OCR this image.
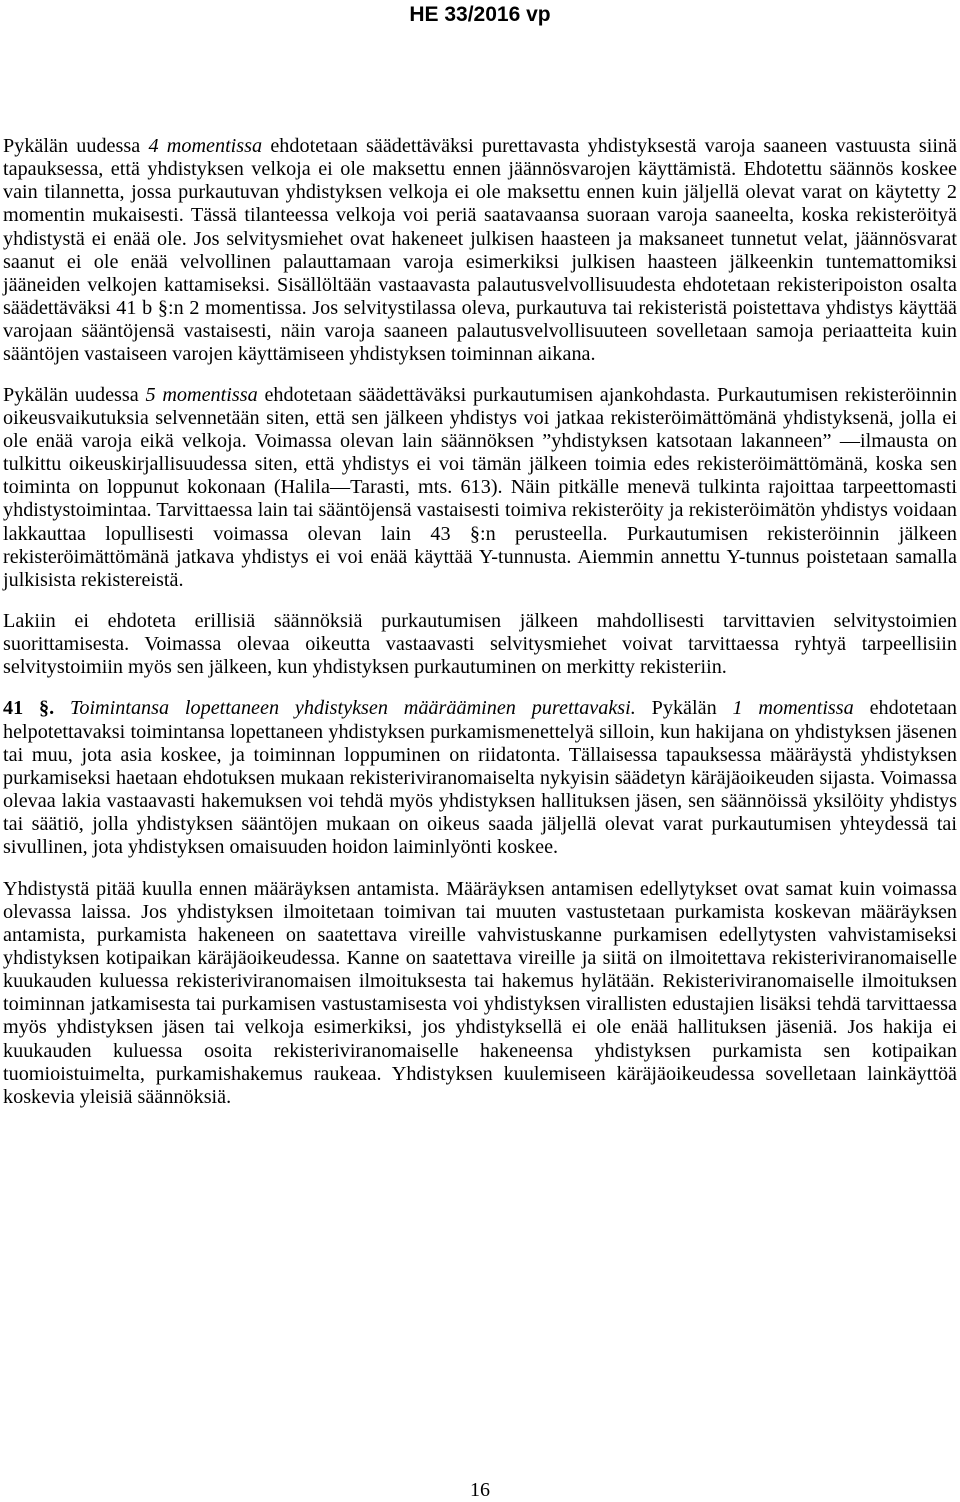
HE 33/2016 vp

Pykälän uudessa 4 momentissa ehdotetaan säädettäväksi purettavasta yhdistyksestä varoja saaneen vastuusta siinä tapauksessa, että yhdistyksen velkoja ei ole maksettu ennen jäännösvarojen käyttämistä. Ehdotettu säännös koskee vain tilannetta, jossa purkautuvan yhdistyksen velkoja ei ole maksettu ennen kuin jäljellä olevat varat on käytetty 2 momentin mukaisesti. Tässä tilanteessa velkoja voi periä saatavaansa suoraan varoja saaneelta, koska rekisteröityä yhdistystä ei enää ole. Jos selvitysmiehet ovat hakeneet julkisen haasteen ja maksaneet tunnetut velat, jäännösvarat saanut ei ole enää velvollinen palauttamaan varoja esimerkiksi julkisen haasteen jälkeenkin tuntemattomiksi jääneiden velkojen kattamiseksi. Sisällöltään vastaavasta palautusvelvollisuudesta ehdotetaan rekisteripoiston osalta säädettäväksi 41 b §:n 2 momentissa. Jos selvitystilassa oleva, purkautuva tai rekisteristä poistettava yhdistys käyttää varojaan sääntöjensä vastaisesti, näin varoja saaneen palautusvelvollisuuteen sovelletaan samoja periaatteita kuin sääntöjen vastaiseen varojen käyttämiseen yhdistyksen toiminnan aikana.

Pykälän uudessa 5 momentissa ehdotetaan säädettäväksi purkautumisen ajankohdasta. Purkautumisen rekisteröinnin oikeusvaikutuksia selvennetään siten, että sen jälkeen yhdistys voi jatkaa rekisteröimättömänä yhdistyksenä, jolla ei ole enää varoja eikä velkoja. Voimassa olevan lain säännöksen ”yhdistyksen katsotaan lakanneen” —ilmausta on tulkittu oikeuskirjallisuudessa siten, että yhdistys ei voi tämän jälkeen toimia edes rekisteröimättömänä, koska sen toiminta on loppunut kokonaan (Halila—Tarasti, mts. 613). Näin pitkälle menevä tulkinta rajoittaa tarpeettomasti yhdistystoimintaa. Tarvittaessa lain tai sääntöjensä vastaisesti toimiva rekisteröity ja rekisteröimätön yhdistys voidaan lakkauttaa lopullisesti voimassa olevan lain 43 §:n perusteella. Purkautumisen rekisteröinnin jälkeen rekisteröimättömänä jatkava yhdistys ei voi enää käyttää Y-tunnusta. Aiemmin annettu Y-tunnus poistetaan samalla julkisista rekistereistä.

Lakiin ei ehdoteta erillisiä säännöksiä purkautumisen jälkeen mahdollisesti tarvittavien selvitystoimien suorittamisesta. Voimassa olevaa oikeutta vastaavasti selvitysmiehet voivat tarvittaessa ryhtyä tarpeellisiin selvitystoimiin myös sen jälkeen, kun yhdistyksen purkautuminen on merkitty rekisteriin.

41 §. Toimintansa lopettaneen yhdistyksen määrääminen purettavaksi. Pykälän 1 momentissa ehdotetaan helpotettavaksi toimintansa lopettaneen yhdistyksen purkamismenettelyä silloin, kun hakijana on yhdistyksen jäsenen tai muu, jota asia koskee, ja toiminnan loppuminen on riidatonta. Tällaisessa tapauksessa määräystä yhdistyksen purkamiseksi haetaan ehdotuksen mukaan rekisteriviranomaiselta nykyisin säädetyn käräjäoikeuden sijasta. Voimassa olevaa lakia vastaavasti hakemuksen voi tehdä myös yhdistyksen hallituksen jäsen, sen säännöissä yksilöity yhdistys tai säätiö, jolla yhdistyksen sääntöjen mukaan on oikeus saada jäljellä olevat varat purkautumisen yhteydessä tai sivullinen, jota yhdistyksen omaisuuden hoidon laiminlyönti koskee.

Yhdistystä pitää kuulla ennen määräyksen antamista. Määräyksen antamisen edellytykset ovat samat kuin voimassa olevassa laissa. Jos yhdistyksen ilmoitetaan toimivan tai muuten vastustetaan purkamista koskevan määräyksen antamista, purkamista hakeneen on saatettava vireille vahvistuskanne purkamisen edellytysten vahvistamiseksi yhdistyksen kotipaikan käräjäoikeudessa. Kanne on saatettava vireille ja siitä on ilmoitettava rekisteriviranomaiselle kuukauden kuluessa rekisteriviranomaisen ilmoituksesta tai hakemus hylätään. Rekisteriviranomaiselle ilmoituksen toiminnan jatkamisesta tai purkamisen vastustamisesta voi yhdistyksen virallisten edustajien lisäksi tehdä tarvittaessa myös yhdistyksen jäsen tai velkoja esimerkiksi, jos yhdistyksellä ei ole enää hallituksen jäseniä. Jos hakija ei kuukauden kuluessa osoita rekisteriviranomaiselle hakeneensa yhdistyksen purkamista sen kotipaikan tuomioistuimelta, purkamishakemus raukeaa. Yhdistyksen kuulemiseen käräjäoikeudessa sovelletaan lainkäyttöä koskevia yleisiä säännöksiä.

16
